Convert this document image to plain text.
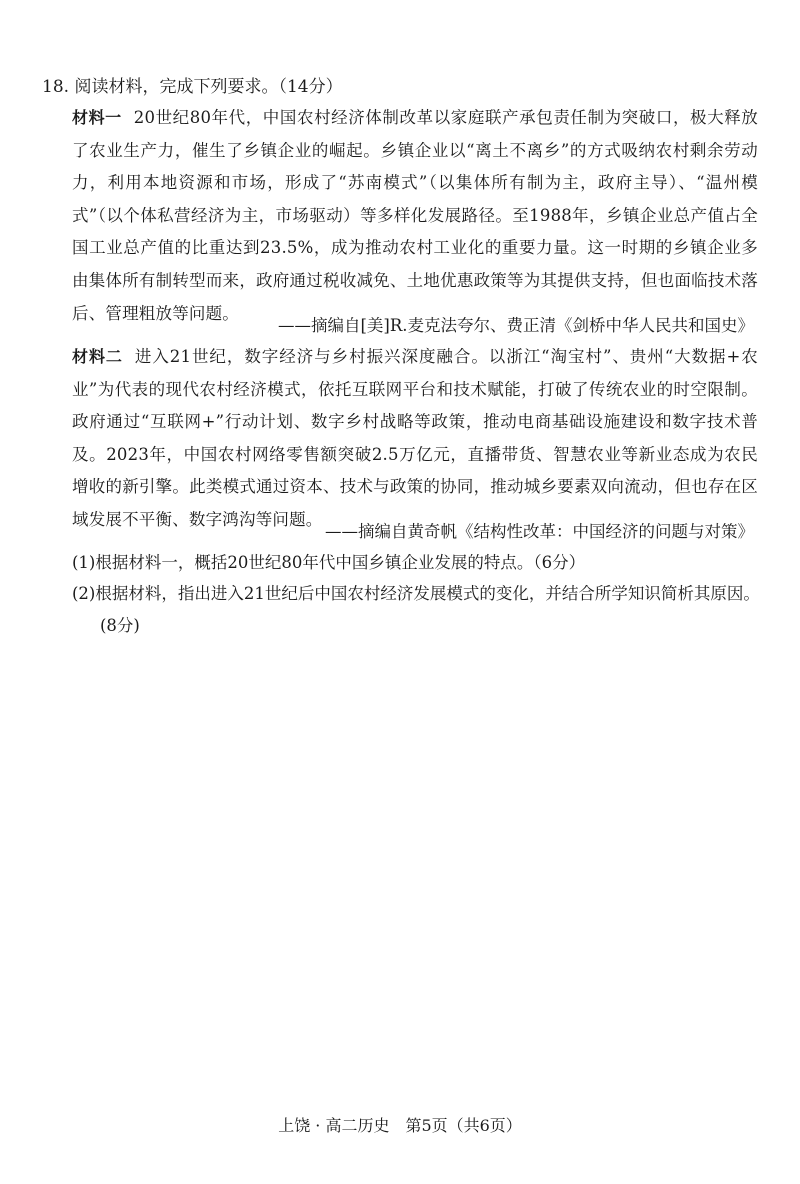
18. 阅读材料，完成下列要求。（14分）
材料一 20世纪80年代，中国农村经济体制改革以家庭联产承包责任制为突破口，极大释放了农业生产力，催生了乡镇企业的崛起。乡镇企业以“离土不离乡”的方式吸纳农村剩余劳动力，利用本地资源和市场，形成了“苏南模式”（以集体所有制为主，政府主导）、“温州模式”（以个体私营经济为主，市场驱动）等多样化发展路径。至1988年，乡镇企业总产值占全国工业总产值的比重达到23.5%，成为推动农村工业化的重要力量。这一时期的乡镇企业多由集体所有制转型而来，政府通过税收减免、土地优惠政策等为其提供支持，但也面临技术落后、管理粗放等问题。
——摘编自[美]R.麦克法夸尔、费正清《剑桥中华人民共和国史》
材料二 进入21世纪，数字经济与乡村振兴深度融合。以浙江“淘宝村”、贵州“大数据+农业”为代表的现代农村经济模式，依托互联网平台和技术赋能，打破了传统农业的时空限制。政府通过“互联网+”行动计划、数字乡村战略等政策，推动电商基础设施建设和数字技术普及。2023年，中国农村网络零售额突破2.5万亿元，直播带货、智慧农业等新业态成为农民增收的新引擎。此类模式通过资本、技术与政策的协同，推动城乡要素双向流动，但也存在区域发展不平衡、数字鸿沟等问题。
——摘编自黄奇帆《结构性改革：中国经济的问题与对策》
(1)根据材料一，概括20世纪80年代中国乡镇企业发展的特点。（6分）
(2)根据材料，指出进入21世纪后中国农村经济发展模式的变化，并结合所学知识简析其原因。
(8分)
上饶 · 高二历史　第5页（共6页）
